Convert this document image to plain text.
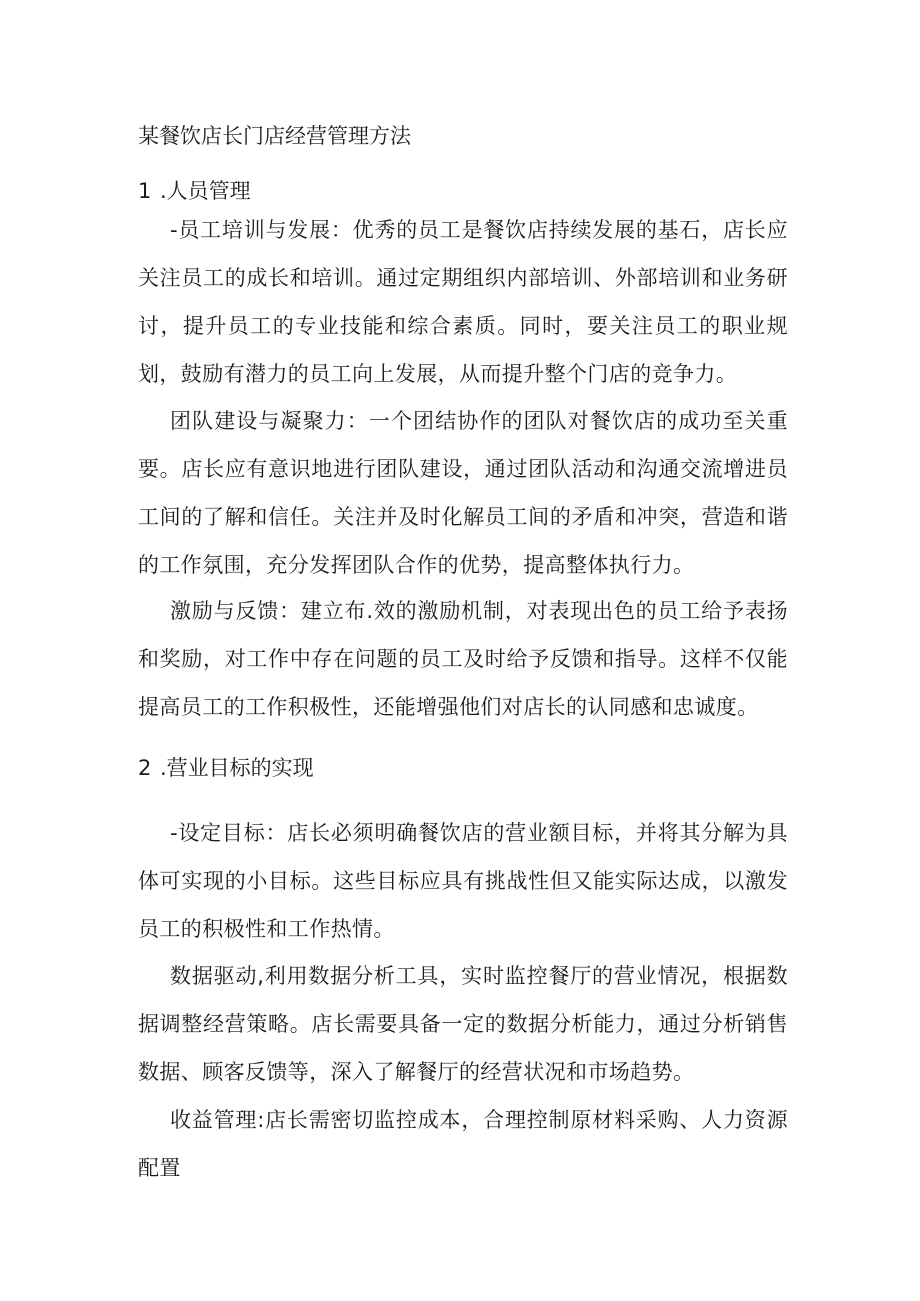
某餐饮店长门店经营管理方法
1 .人员管理

-员工培训与发展：优秀的员工是餐饮店持续发展的基石，店长应关注员工的成长和培训。通过定期组织内部培训、外部培训和业务研讨，提升员工的专业技能和综合素质。同时，要关注员工的职业规划，鼓励有潜力的员工向上发展，从而提升整个门店的竞争力。

团队建设与凝聚力：一个团结协作的团队对餐饮店的成功至关重要。店长应有意识地进行团队建设，通过团队活动和沟通交流增进员工间的了解和信任。关注并及时化解员工间的矛盾和冲突，营造和谐的工作氛围，充分发挥团队合作的优势，提高整体执行力。

激励与反馈：建立布.效的激励机制，对表现出色的员工给予表扬和奖励，对工作中存在问题的员工及时给予反馈和指导。这样不仅能提高员工的工作积极性，还能增强他们对店长的认同感和忠诚度。

2 .营业目标的实现

-设定目标：店长必须明确餐饮店的营业额目标，并将其分解为具体可实现的小目标。这些目标应具有挑战性但又能实际达成，以激发员工的积极性和工作热情。

数据驱动,利用数据分析工具，实时监控餐厅的营业情况，根据数据调整经营策略。店长需要具备一定的数据分析能力，通过分析销售数据、顾客反馈等，深入了解餐厅的经营状况和市场趋势。

收益管理:店长需密切监控成本，合理控制原材料采购、人力资源配置
